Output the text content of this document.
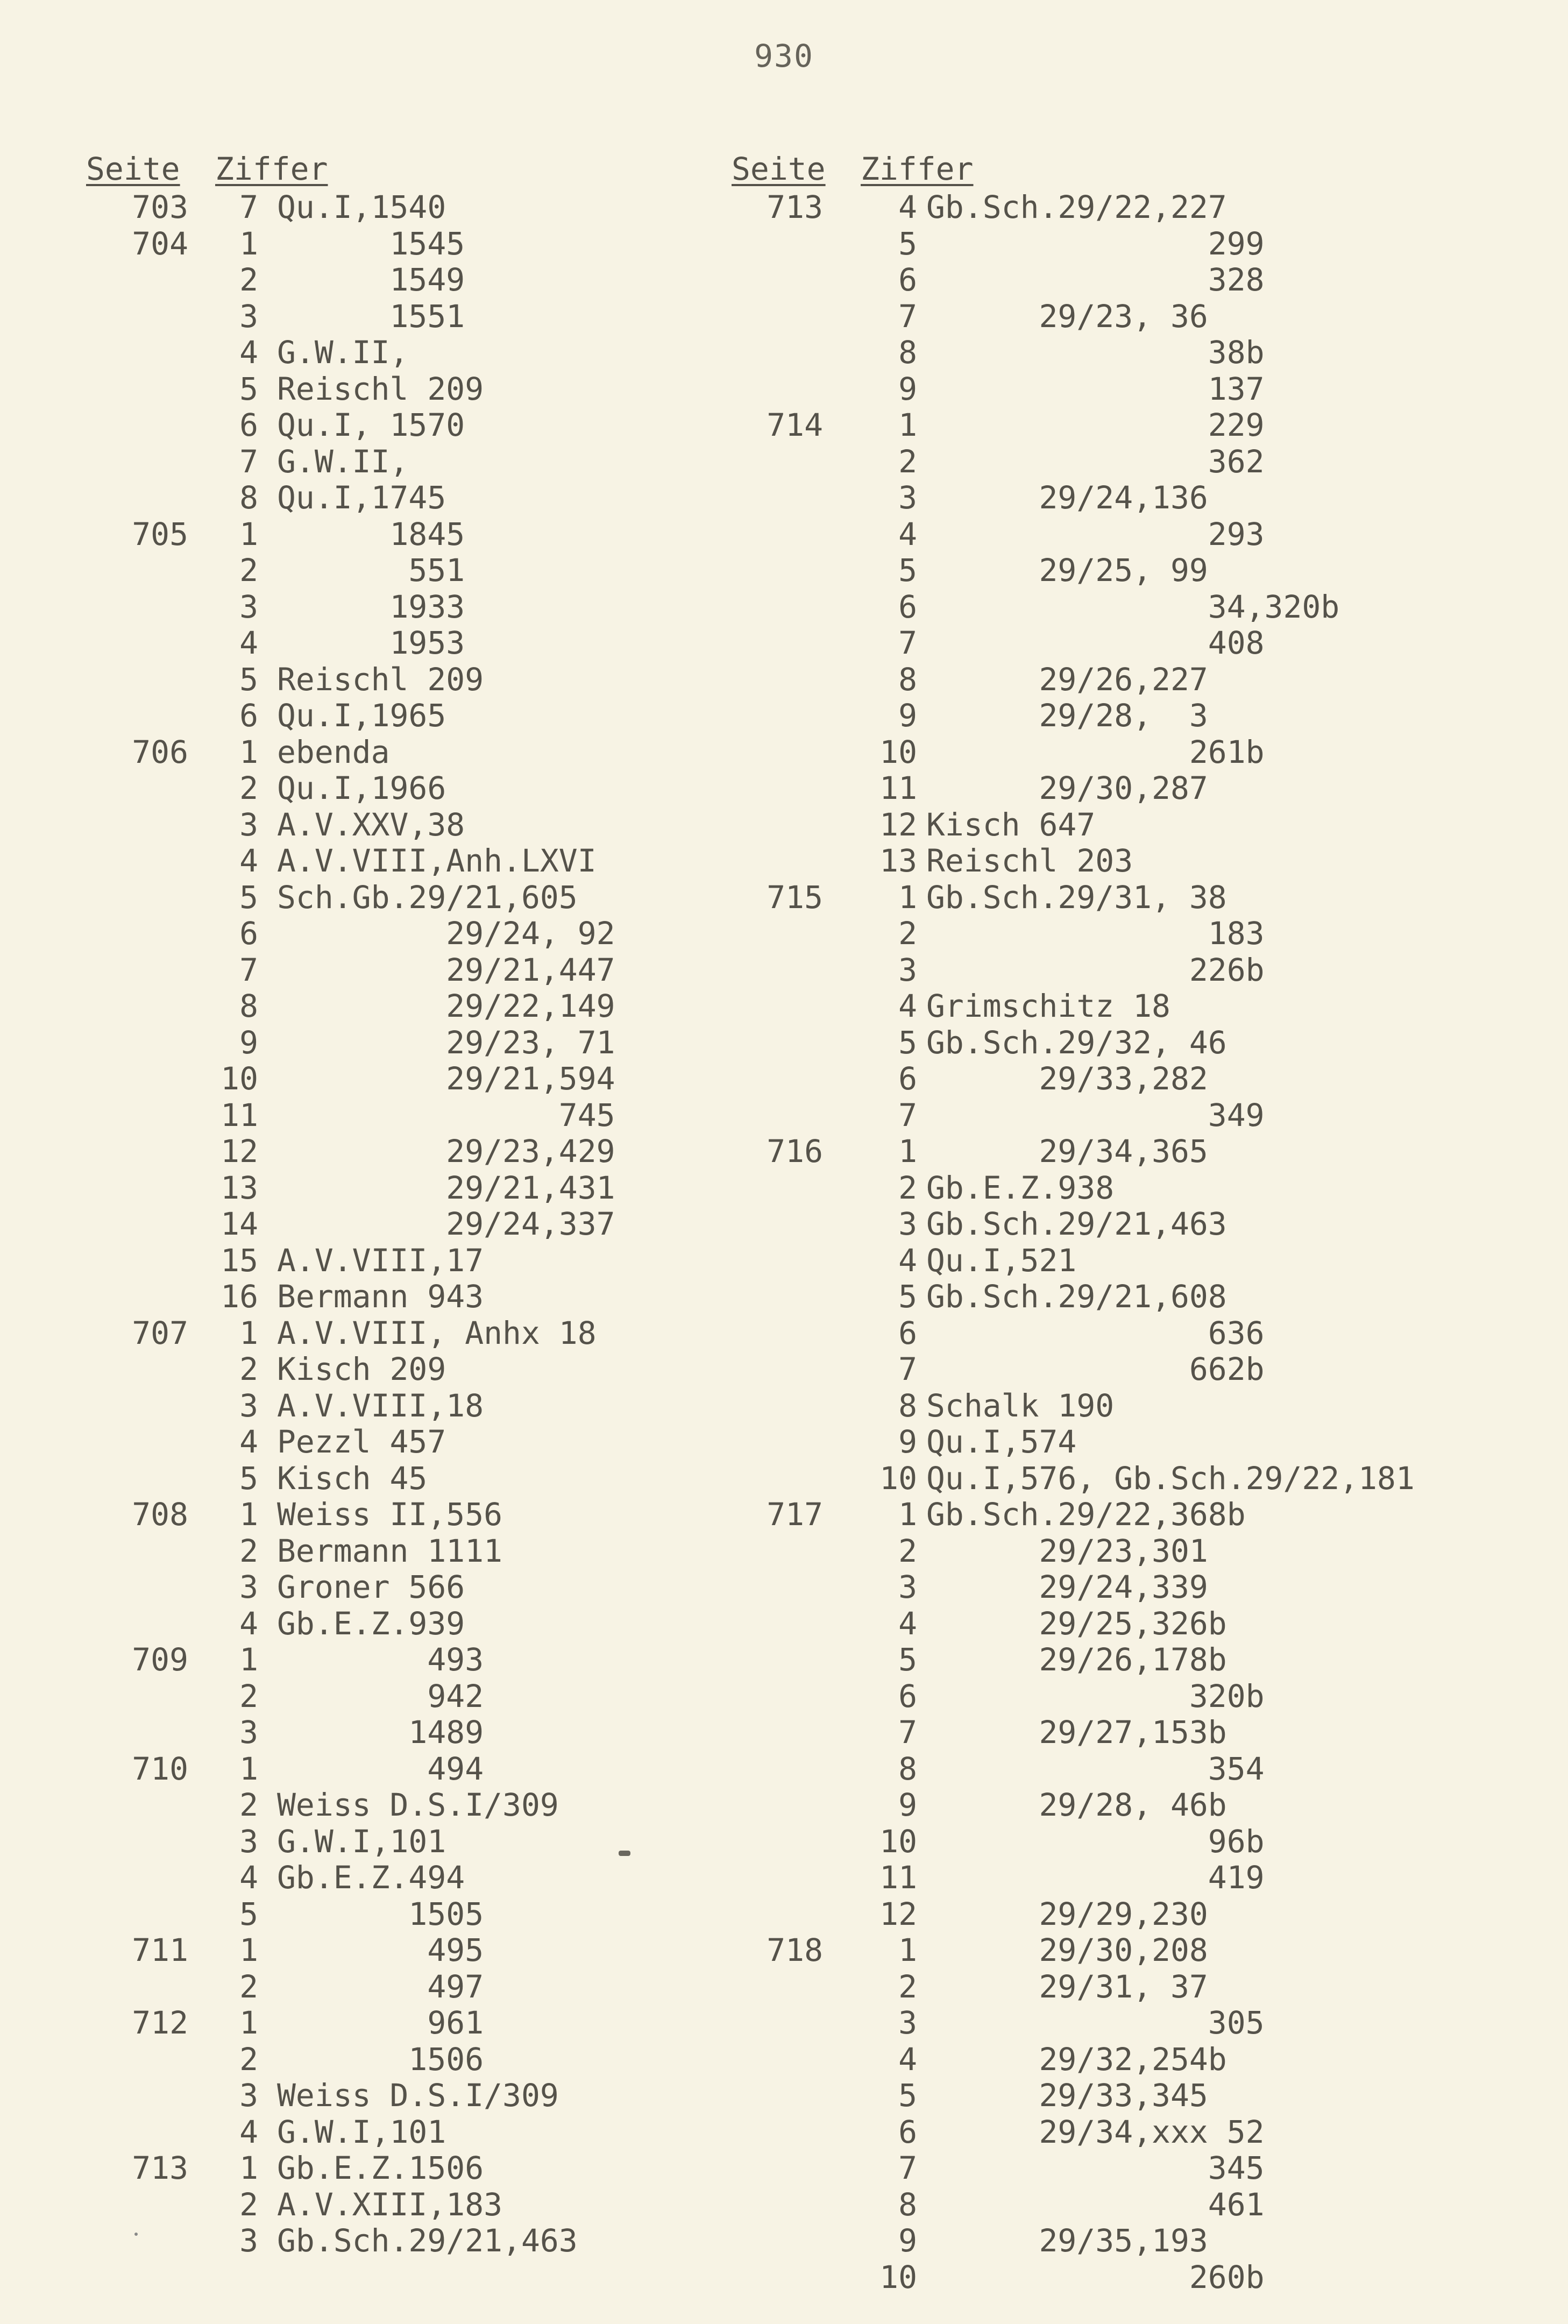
930
Seite Ziffer
703	7 Qu.I,1540
704	1 1545
2 1549
3 1551
4 G.W.II,
5 Reischl 209
6 Qu.I, 1570
7 G.W.II,
8 Qu.I,1745
705	1 1845
2 551
3 1933
4 1953
5 Reischl 209
6 Qu.I,1965
706	1 ebenda
2 Qu.I,1966
3 A.V.XXV,38
4 A.V.VIII,Anh.LXVI
5 Sch.Gb.29/21,605
6 29/24, 92
7 29/21,447
8 29/22,149
9 29/23, 71
10 29/21,594
11 745
12 29/23,429
13 29/21,431
14 29/24,337
15 A.V.VIII,17
16 Bermann 943
707	1 A.V.VIII, Anhx 18
2 Kisch 209
3 A.V.VIII,18
4 Pezzl 457
5 Kisch 45
708	1 Weiss II,556
2 Bermann 1111
3 Groner 566
4 Gb.E.Z.939
709	1 493
2 942
3 1489
710	1 494
2 Weiss D.S.I/309
3 G.W.I,101
4 Gb.E.Z.494
5 1505
711	1 495
2 497
712	1 961
2 1506
3 Weiss D.S.I/309
4 G.W.I,101
713	1 Gb.E.Z.1506
2 A.V.XIII,183
3 Gb.Sch.29/21,463
Seite Ziffer
713	4 Gb.Sch.29/22,227
5 299
6 328
7 29/23, 36
8 38b
9 137
714	1 229
2 362
3 29/24,136
4 293
5 29/25, 99
6 34,320b
7 408
8 29/26,227
9 29/28,  3
10 261b
11 29/30,287
12 Kisch 647
13 Reischl 203
715	1 Gb.Sch.29/31, 38
2 183
3 226b
4 Grimschitz 18
5 Gb.Sch.29/32, 46
6 29/33,282
7 349
716	1 29/34,365
2 Gb.E.Z.938
3 Gb.Sch.29/21,463
4 Qu.I,521
5 Gb.Sch.29/21,608
6 636
7 662b
8 Schalk 190
9 Qu.I,574
10 Qu.I,576, Gb.Sch.29/22,181
717	1 Gb.Sch.29/22,368b
2 29/23,301
3 29/24,339
4 29/25,326b
5 29/26,178b
6 320b
7 29/27,153b
8 354
9 29/28, 46b
10 96b
11 419
12 29/29,230
718	1 29/30,208
2 29/31, 37
3 305
4 29/32,254b
5 29/33,345
6 29/34,xxx 52
7 345
8 461
9 29/35,193
10 260b
